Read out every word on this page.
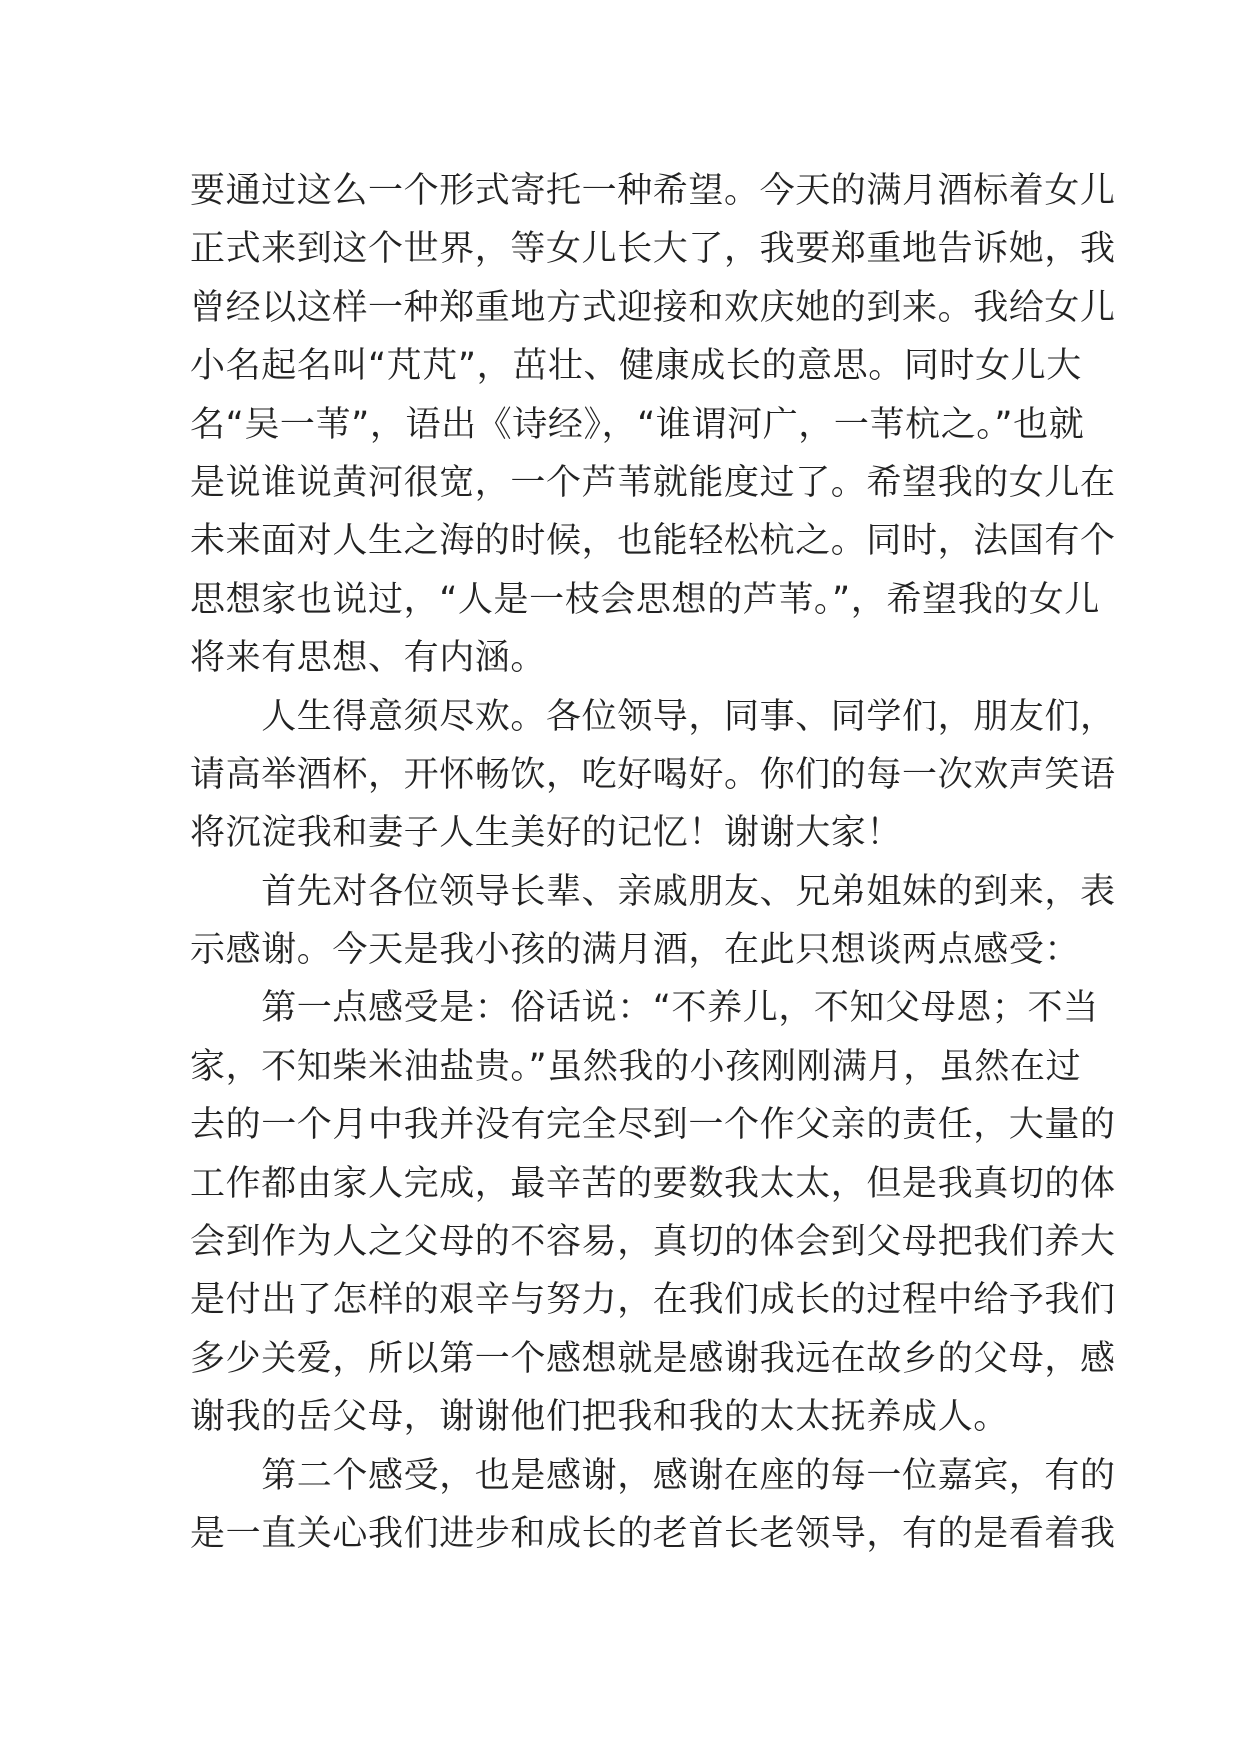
要通过这么一个形式寄托一种希望。今天的满月酒标着女儿
正式来到这个世界，等女儿长大了，我要郑重地告诉她，我
曾经以这样一种郑重地方式迎接和欢庆她的到来。我给女儿
小名起名叫“芃芃”，茁壮、健康成长的意思。同时女儿大
名“吴一苇”，语出《诗经》，“谁谓河广，一苇杭之。”也就
是说谁说黄河很宽，一个芦苇就能度过了。希望我的女儿在
未来面对人生之海的时候，也能轻松杭之。同时，法国有个
思想家也说过，“人是一枝会思想的芦苇。”，希望我的女儿
将来有思想、有内涵。
　　人生得意须尽欢。各位领导，同事、同学们，朋友们，
请高举酒杯，开怀畅饮，吃好喝好。你们的每一次欢声笑语
将沉淀我和妻子人生美好的记忆！谢谢大家！
　　首先对各位领导长辈、亲戚朋友、兄弟姐妹的到来，表
示感谢。今天是我小孩的满月酒，在此只想谈两点感受：
　　第一点感受是：俗话说：“不养儿，不知父母恩；不当
家，不知柴米油盐贵。”虽然我的小孩刚刚满月，虽然在过
去的一个月中我并没有完全尽到一个作父亲的责任，大量的
工作都由家人完成，最辛苦的要数我太太，但是我真切的体
会到作为人之父母的不容易，真切的体会到父母把我们养大
是付出了怎样的艰辛与努力，在我们成长的过程中给予我们
多少关爱，所以第一个感想就是感谢我远在故乡的父母，感
谢我的岳父母，谢谢他们把我和我的太太抚养成人。
　　第二个感受，也是感谢，感谢在座的每一位嘉宾，有的
是一直关心我们进步和成长的老首长老领导，有的是看着我
